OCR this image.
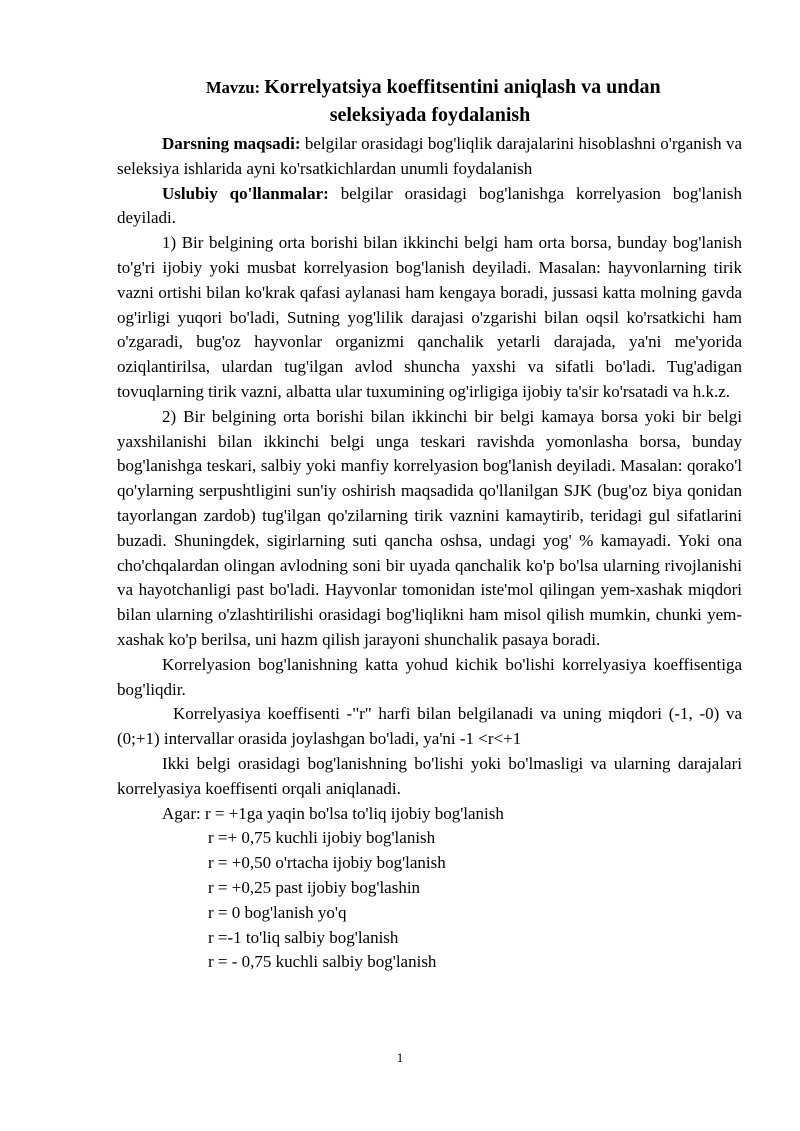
Mavzu: Korrelyatsiya koeffitsentini aniqlash va undan
seleksiyada foydalanish

Darsning maqsadi: belgilar orasidagi bog'liqlik darajalarini hisoblashni o'rganish va seleksiya ishlarida ayni ko'rsatkichlardan unumli foydalanish

Uslubiy qo'llanmalar: belgilar orasidagi bog'lanishga korrelyasion bog'lanish deyiladi.

1) Bir belgining orta borishi bilan ikkinchi belgi ham orta borsa, bunday bog'lanish to'g'ri ijobiy yoki musbat korrelyasion bog'lanish deyiladi. Masalan: hayvonlarning tirik vazni ortishi bilan ko'krak qafasi aylanasi ham kengaya boradi, jussasi katta molning gavda og'irligi yuqori bo'ladi, Sutning yog'lilik darajasi o'zgarishi bilan oqsil ko'rsatkichi ham o'zgaradi, bug'oz hayvonlar organizmi qanchalik yetarli darajada, ya'ni me'yorida oziqlantirilsa, ulardan tug'ilgan avlod shuncha yaxshi va sifatli bo'ladi. Tug'adigan tovuqlarning tirik vazni, albatta ular tuxumining og'irligiga ijobiy ta'sir ko'rsatadi va h.k.z.

2) Bir belgining orta borishi bilan ikkinchi bir belgi kamaya borsa yoki bir belgi yaxshilanishi bilan ikkinchi belgi unga teskari ravishda yomonlasha borsa, bunday bog'lanishga teskari, salbiy yoki manfiy korrelyasion bog'lanish deyiladi. Masalan: qorako'l qo'ylarning serpushtligini sun'iy oshirish maqsadida qo'llanilgan SJK (bug'oz biya qonidan tayorlangan zardob) tug'ilgan qo'zilarning tirik vaznini kamaytirib, teridagi gul sifatlarini buzadi. Shuningdek, sigirlarning suti qancha oshsa, undagi yog' % kamayadi. Yoki ona cho'chqalardan olingan avlodning soni bir uyada qanchalik ko'p bo'lsa ularning rivojlanishi va hayotchanligi past bo'ladi. Hayvonlar tomonidan iste'mol qilingan yem-xashak miqdori bilan ularning o'zlashtirilishi orasidagi bog'liqlikni ham misol qilish mumkin, chunki yem-xashak ko'p berilsa, uni hazm qilish jarayoni shunchalik pasaya boradi.

Korrelyasion bog'lanishning katta yohud kichik bo'lishi korrelyasiya koeffisentiga bog'liqdir.

Korrelyasiya koeffisenti -"r" harfi bilan belgilanadi va uning miqdori (-1, -0) va (0;+1) intervallar orasida joylashgan bo'ladi, ya'ni -1 <r<+1

Ikki belgi orasidagi bog'lanishning bo'lishi yoki bo'lmasligi va ularning darajalari korrelyasiya koeffisenti orqali aniqlanadi.

Agar: r = +1ga yaqin bo'lsa to'liq ijobiy bog'lanish
r =+ 0,75 kuchli ijobiy bog'lanish
r = +0,50 o'rtacha ijobiy bog'lanish
r = +0,25 past ijobiy bog'lashin
r = 0 bog'lanish yo'q
r =-1 to'liq salbiy bog'lanish
r = - 0,75 kuchli salbiy bog'lanish
1
